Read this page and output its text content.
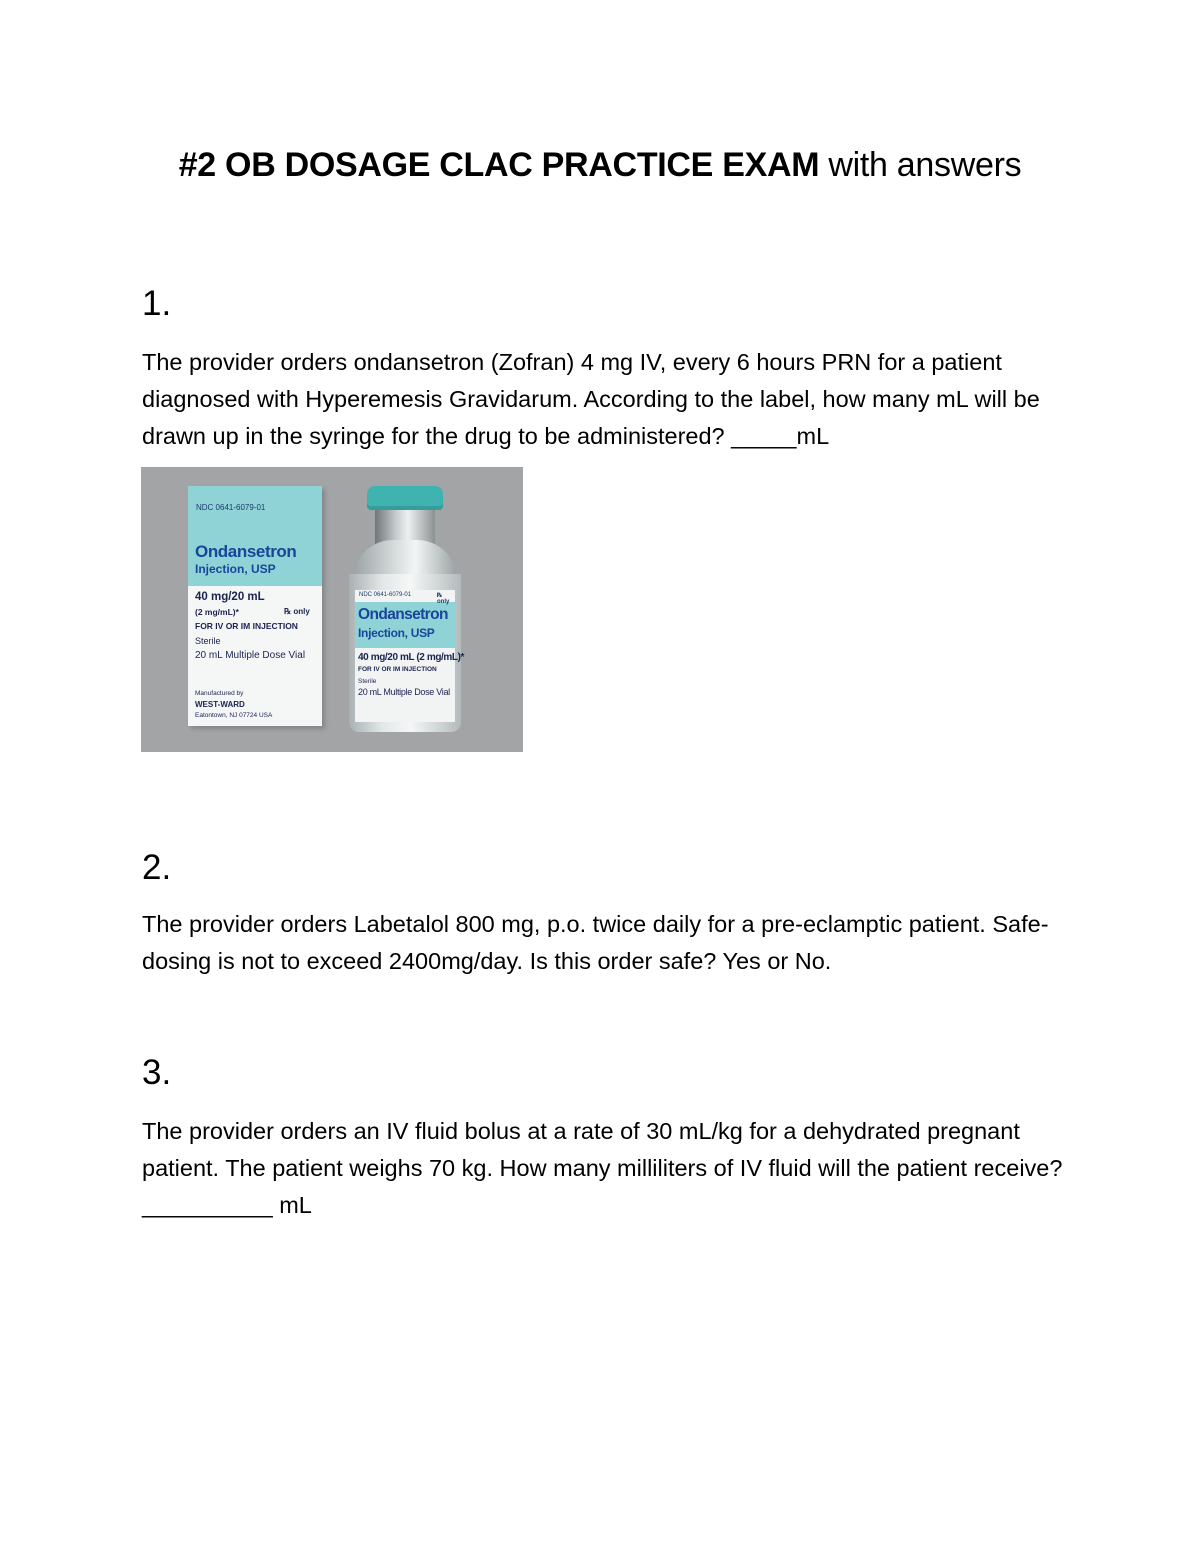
#2 OB DOSAGE CLAC PRACTICE EXAM with answers
1.

The provider orders ondansetron (Zofran) 4 mg IV, every 6 hours PRN for a patient diagnosed with Hyperemesis Gravidarum. According to the label, how many mL will be drawn up in the syringe for the drug to be administered? _____mL

NDC 0641-6079-01
Ondansetron
Injection, USP
40 mg/20 mL
(2 mg/mL)*	℞ only
FOR IV OR IM INJECTION
Sterile
20 mL Multiple Dose Vial
Manufactured by
WEST-WARD
Eatontown, NJ 07724 USA
NDC 0641-6079-01	℞ only
Ondansetron
Injection, USP
40 mg/20 mL (2 mg/mL)*
FOR IV OR IM INJECTION
Sterile
20 mL Multiple Dose Vial
2.

The provider orders Labetalol 800 mg, p.o. twice daily for a pre-eclamptic patient. Safe-dosing is not to exceed 2400mg/day. Is this order safe? Yes or No.

3.

The provider orders an IV fluid bolus at a rate of 30 mL/kg for a dehydrated pregnant patient. The patient weighs 70 kg. How many milliliters of IV fluid will the patient receive? __________ mL
